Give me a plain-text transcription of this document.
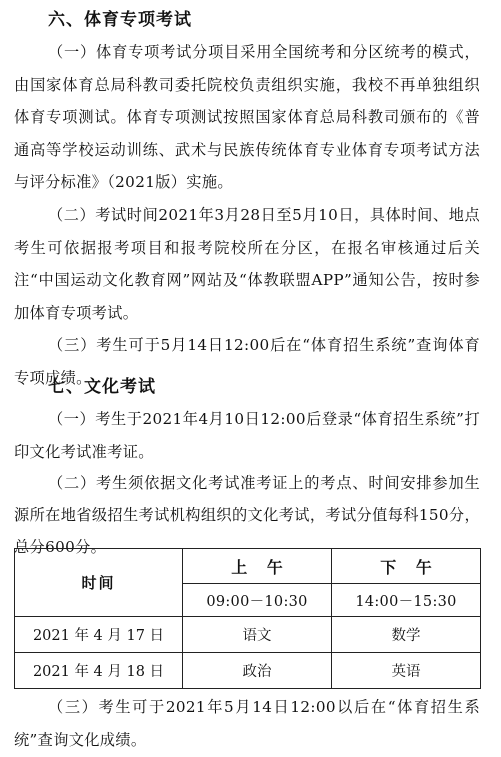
六、体育专项考试

（一）体育专项考试分项目采用全国统考和分区统考的模式，由国家体育总局科教司委托院校负责组织实施，我校不再单独组织体育专项测试。体育专项测试按照国家体育总局科教司颁布的《普通高等学校运动训练、武术与民族传统体育专业体育专项考试方法与评分标准》（2021版）实施。

（二）考试时间2021年3月28日至5月10日，具体时间、地点考生可依据报考项目和报考院校所在分区，在报名审核通过后关注“中国运动文化教育网”网站及“体教联盟APP”通知公告，按时参加体育专项考试。

（三）考生可于5月14日12:00后在“体育招生系统”查询体育专项成绩。

七、文化考试

（一）考生于2021年4月10日12:00后登录“体育招生系统”打印文化考试准考证。

（二）考生须依据文化考试准考证上的考点、时间安排参加生源所在地省级招生考试机构组织的文化考试，考试分值每科150分，总分600分。

时间	上 午	下 午
	09:00－10:30	14:00－15:30
2021 年 4 月 17 日	语文	数学
2021 年 4 月 18 日	政治	英语

（三）考生可于2021年5月14日12:00以后在“体育招生系统”查询文化成绩。
